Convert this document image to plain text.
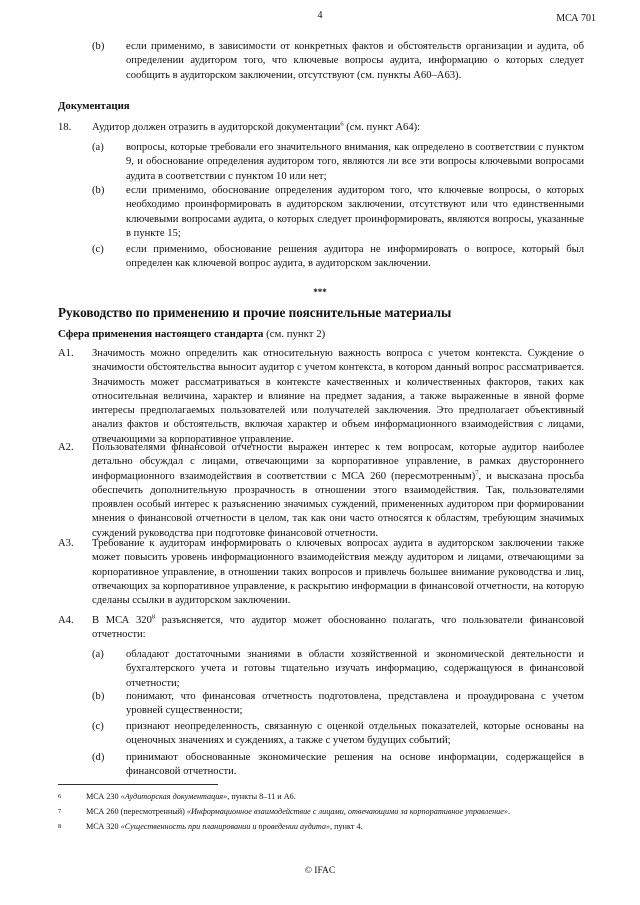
4	МСА 701
(b) если применимо, в зависимости от конкретных фактов и обстоятельств организации и аудита, об определении аудитором того, что ключевые вопросы аудита, информацию о которых следует сообщить в аудиторском заключении, отсутствуют (см. пункты А60–А63).
Документация
18. Аудитор должен отразить в аудиторской документации$^6$ (см. пункт А64):
(a) вопросы, которые требовали его значительного внимания, как определено в соответствии с пунктом 9, и обоснование определения аудитором того, являются ли все эти вопросы ключевыми вопросами аудита в соответствии с пунктом 10 или нет;
(b) если применимо, обоснование определения аудитором того, что ключевые вопросы, о которых необходимо проинформировать в аудиторском заключении, отсутствуют или что единственными ключевыми вопросами аудита, о которых следует проинформировать, являются вопросы, указанные в пункте 15;
(c) если применимо, обоснование решения аудитора не информировать о вопросе, который был определен как ключевой вопрос аудита, в аудиторском заключении.
***
Руководство по применению и прочие пояснительные материалы
Сфера применения настоящего стандарта (см. пункт 2)
А1. Значимость можно определить как относительную важность вопроса с учетом контекста. Суждение о значимости обстоятельства выносит аудитор с учетом контекста, в котором данный вопрос рассматривается. Значимость может рассматриваться в контексте качественных и количественных факторов, таких как относительная величина, характер и влияние на предмет задания, а также выраженные в явной форме интересы предполагаемых пользователей или получателей заключения. Это предполагает объективный анализ фактов и обстоятельств, включая характер и объем информационного взаимодействия с лицами, отвечающими за корпоративное управление.
А2. Пользователями финансовой отчетности выражен интерес к тем вопросам, которые аудитор наиболее детально обсуждал с лицами, отвечающими за корпоративное управление, в рамках двустороннего информационного взаимодействия в соответствии с МСА 260 (пересмотренным)$^7$, и высказана просьба обеспечить дополнительную прозрачность в отношении этого взаимодействия. Так, пользователями проявлен особый интерес к разъяснению значимых суждений, примененных аудитором при формировании мнения о финансовой отчетности в целом, так как они часто относятся к областям, требующим значимых суждений руководства при подготовке финансовой отчетности.
А3. Требование к аудиторам информировать о ключевых вопросах аудита в аудиторском заключении также может повысить уровень информационного взаимодействия между аудитором и лицами, отвечающими за корпоративное управление, в отношении таких вопросов и привлечь большее внимание руководства и лиц, отвечающих за корпоративное управление, к раскрытию информации в финансовой отчетности, на которую сделаны ссылки в аудиторском заключении.
А4. В МСА $320^8$ разъясняется, что аудитор может обоснованно полагать, что пользователи финансовой отчетности:
(a) обладают достаточными знаниями в области хозяйственной и экономической деятельности и бухгалтерского учета и готовы тщательно изучать информацию, содержащуюся в финансовой отчетности;
(b) понимают, что финансовая отчетность подготовлена, представлена и проаудирована с учетом уровней существенности;
(c) признают неопределенность, связанную с оценкой отдельных показателей, которые основаны на оценочных значениях и суждениях, а также с учетом будущих событий;
(d) принимают обоснованные экономические решения на основе информации, содержащейся в финансовой отчетности.
6	МСА 230 «Аудиторская документация», пункты 8–11 и А6.
7	МСА 260 (пересмотренный) «Информационное взаимодействие с лицами, отвечающими за корпоративное управление».
8	МСА 320 «Существенность при планировании и проведении аудита», пункт 4.
© IFAC
